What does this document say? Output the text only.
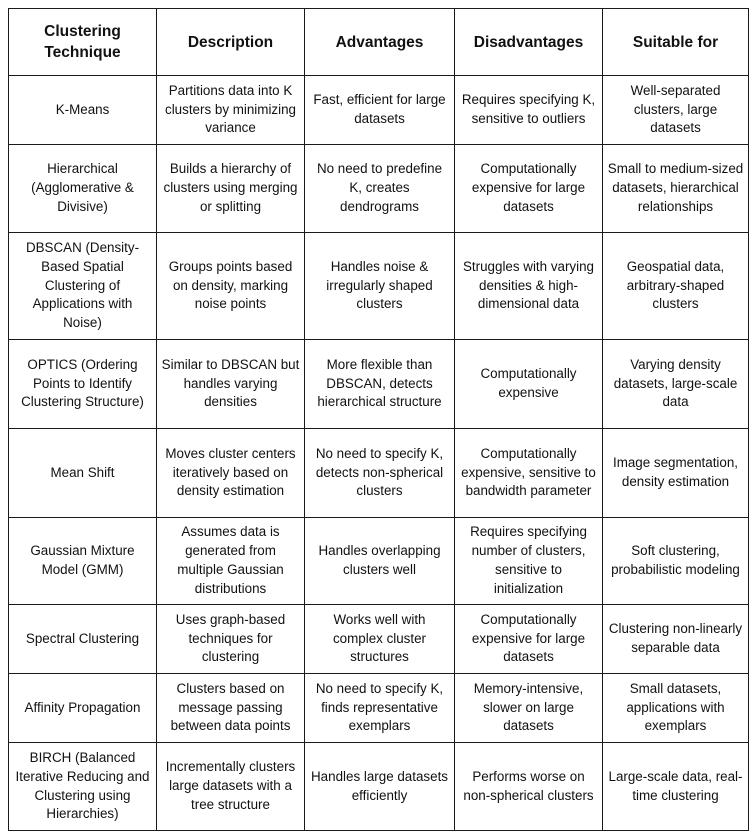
Clustering Technique	Description	Advantages	Disadvantages	Suitable for
K-Means	Partitions data into K clusters by minimizing variance	Fast, efficient for large datasets	Requires specifying K, sensitive to outliers	Well-separated clusters, large datasets
Hierarchical (Agglomerative & Divisive)	Builds a hierarchy of clusters using merging or splitting	No need to predefine K, creates dendrograms	Computationally expensive for large datasets	Small to medium-sized datasets, hierarchical relationships
DBSCAN (Density-Based Spatial Clustering of Applications with Noise)	Groups points based on density, marking noise points	Handles noise & irregularly shaped clusters	Struggles with varying densities & high-dimensional data	Geospatial data, arbitrary-shaped clusters
OPTICS (Ordering Points to Identify Clustering Structure)	Similar to DBSCAN but handles varying densities	More flexible than DBSCAN, detects hierarchical structure	Computationally expensive	Varying density datasets, large-scale data
Mean Shift	Moves cluster centers iteratively based on density estimation	No need to specify K, detects non-spherical clusters	Computationally expensive, sensitive to bandwidth parameter	Image segmentation, density estimation
Gaussian Mixture Model (GMM)	Assumes data is generated from multiple Gaussian distributions	Handles overlapping clusters well	Requires specifying number of clusters, sensitive to initialization	Soft clustering, probabilistic modeling
Spectral Clustering	Uses graph-based techniques for clustering	Works well with complex cluster structures	Computationally expensive for large datasets	Clustering non-linearly separable data
Affinity Propagation	Clusters based on message passing between data points	No need to specify K, finds representative exemplars	Memory-intensive, slower on large datasets	Small datasets, applications with exemplars
BIRCH (Balanced Iterative Reducing and Clustering using Hierarchies)	Incrementally clusters large datasets with a tree structure	Handles large datasets efficiently	Performs worse on non-spherical clusters	Large-scale data, real-time clustering
